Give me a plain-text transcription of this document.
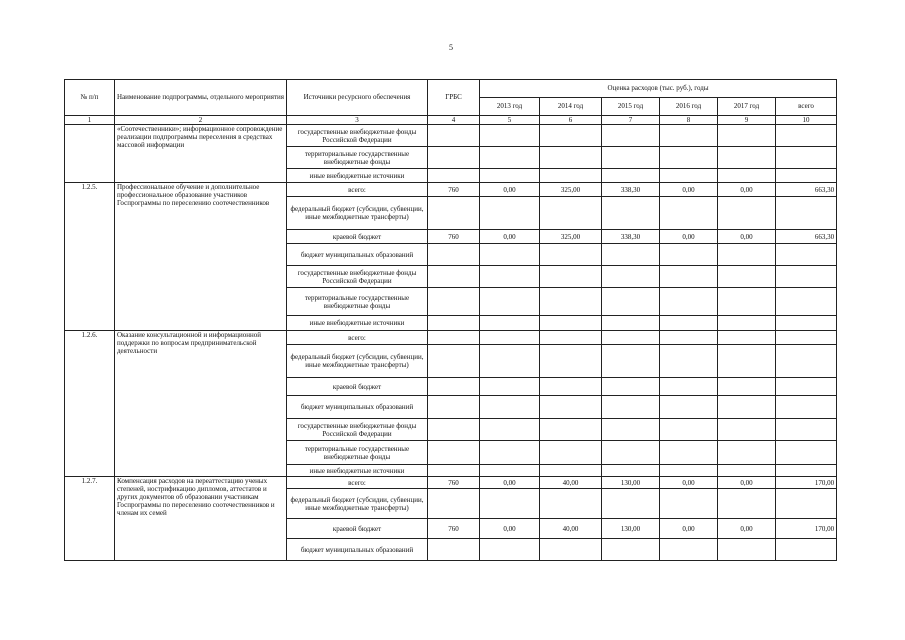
5
№ п/п	Наименование подпрограммы, отдельного мероприятия	Источники ресурсного обеспечения	ГРБС	Оценка расходов (тыс. руб.), годы					
				2013 год	2014 год	2015 год	2016 год	2017 год	всего
1	2	3	4	5	6	7	8	9	10
	«Соотечественники»; информационное сопровождение реализации подпрограммы переселения в средствах массовой информации	государственные внебюджетные фонды Российской Федерации							
		территориальные государственные внебюджетные фонды							
		иные внебюджетные источники							
1.2.5.	Профессиональное обучение и дополнительное профессиональное образование участников Госпрограммы по переселению соотечественников	всего:	760	0,00	325,00	338,30	0,00	0,00	663,30
		федеральный бюджет (субсидии, субвенции, иные межбюджетные трансферты)							
		краевой бюджет	760	0,00	325,00	338,30	0,00	0,00	663,30
		бюджет муниципальных образований							
		государственные внебюджетные фонды Российской Федерации							
		территориальные государственные внебюджетные фонды							
		иные внебюджетные источники							
1.2.6.	Оказание консультационной и информационной поддержки по вопросам предпринимательской деятельности	всего:							
		федеральный бюджет (субсидии, субвенции, иные межбюджетные трансферты)							
		краевой бюджет							
		бюджет муниципальных образований							
		государственные внебюджетные фонды Российской Федерации							
		территориальные государственные внебюджетные фонды							
		иные внебюджетные источники							
1.2.7.	Компенсация расходов на переаттестацию ученых степеней, нострификацию дипломов, аттестатов и других документов об образовании участникам Госпрограммы по переселению соотечественников и членам их семей	всего:	760	0,00	40,00	130,00	0,00	0,00	170,00
		федеральный бюджет (субсидии, субвенции, иные межбюджетные трансферты)							
		краевой бюджет	760	0,00	40,00	130,00	0,00	0,00	170,00
		бюджет муниципальных образований							
